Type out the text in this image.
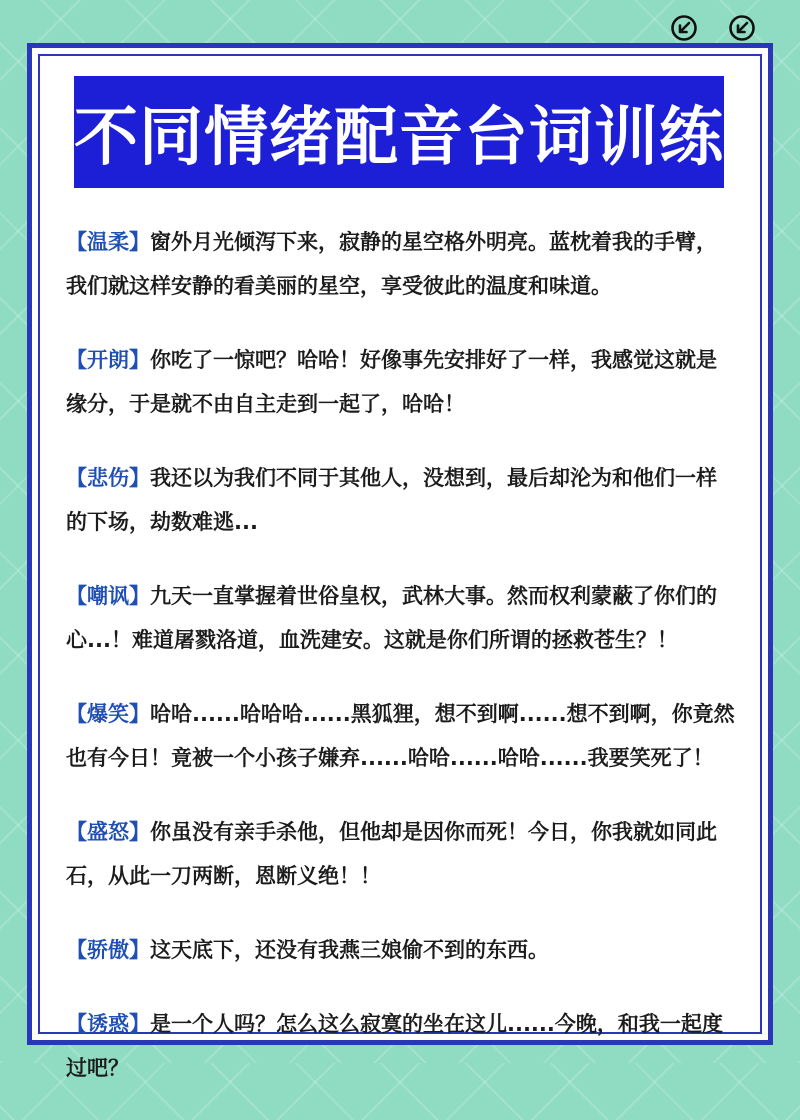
不同情绪配音台词训练

【温柔】窗外月光倾泻下来，寂静的星空格外明亮。蓝枕着我的手臂，我们就这样安静的看美丽的星空，享受彼此的温度和味道。

【开朗】你吃了一惊吧？哈哈！好像事先安排好了一样，我感觉这就是缘分，于是就不由自主走到一起了，哈哈！

【悲伤】我还以为我们不同于其他人，没想到，最后却沦为和他们一样的下场，劫数难逃...

【嘲讽】九天一直掌握着世俗皇权，武林大事。然而权利蒙蔽了你们的心...！难道屠戮洛道，血洗建安。这就是你们所谓的拯救苍生？！

【爆笑】哈哈......哈哈哈......黑狐狸，想不到啊......想不到啊，你竟然也有今日！竟被一个小孩子嫌弃......哈哈......哈哈......我要笑死了！

【盛怒】你虽没有亲手杀他，但他却是因你而死！今日，你我就如同此石，从此一刀两断，恩断义绝！！

【骄傲】这天底下，还没有我燕三娘偷不到的东西。

【诱惑】是一个人吗？怎么这么寂寞的坐在这儿......今晚，和我一起度过吧？
